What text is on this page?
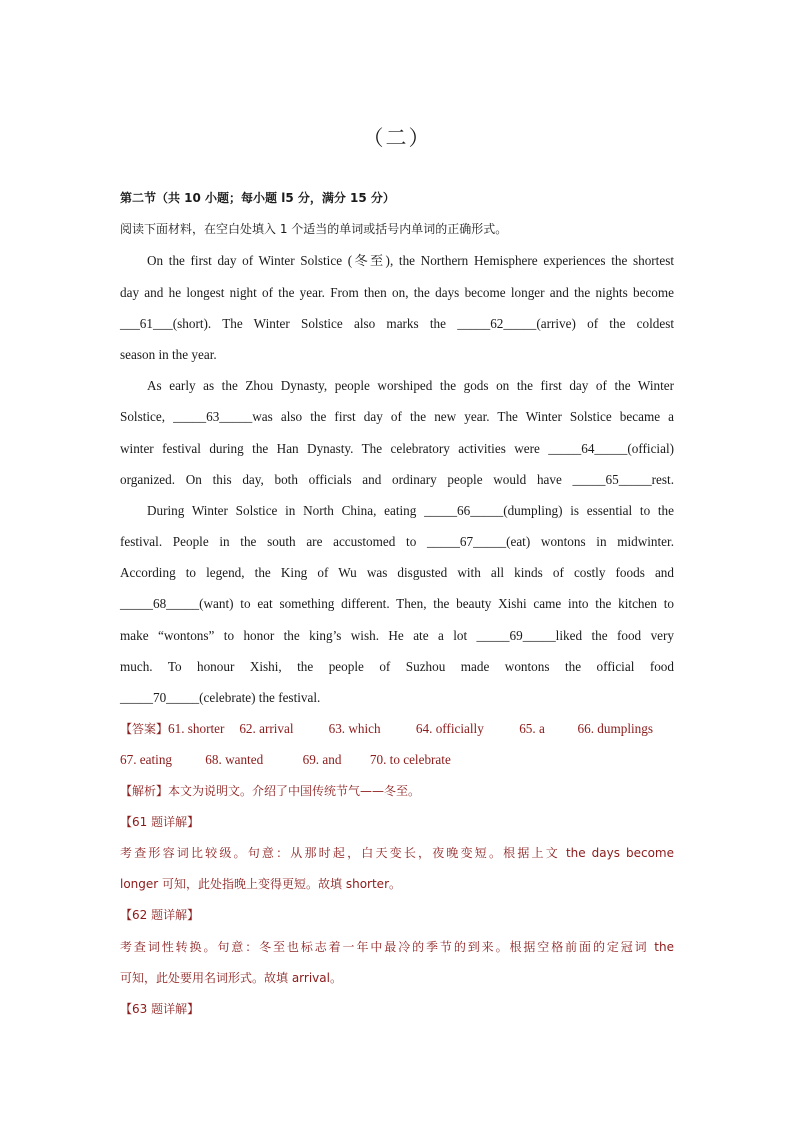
（二）
第二节（共 10 小题；每小题 l5 分，满分 15 分）
阅读下面材料，在空白处填入 1 个适当的单词或括号内单词的正确形式。
On the first day of Winter Solstice (冬至), the Northern Hemisphere experiences the shortest
day and he longest night of the year. From then on, the days become longer and the nights become
___61___(short). The Winter Solstice also marks the _____62_____(arrive) of the coldest
season in the year.
As early as the Zhou Dynasty, people worshiped the gods on the first day of the Winter
Solstice, _____63_____was also the first day of the new year. The Winter Solstice became a
winter festival during the Han Dynasty. The celebratory activities were _____64_____(official)
organized. On this day, both officials and ordinary people would have _____65_____rest.
During Winter Solstice in North China, eating _____66_____(dumpling) is essential to the
festival. People in the south are accustomed to _____67_____(eat) wontons in midwinter.
According to legend, the King of Wu was disgusted with all kinds of costly foods and
_____68_____(want) to eat something different. Then, the beauty Xishi came into the kitchen to
make “wontons” to honor the king’s wish. He ate a lot _____69_____liked the food very
much. To honour Xishi, the people of Suzhou made wontons the official food
_____70_____(celebrate) the festival.
【答案】61. shorter 62. arrival	63. which	64. officially	65. a 66. dumplings
67. eating	68. wanted	69. and 70. to celebrate
【解析】本文为说明文。介绍了中国传统节气——冬至。
【61 题详解】
考查形容词比较级。句意：从那时起，白天变长，夜晚变短。根据上文 the days become
longer 可知，此处指晚上变得更短。故填 shorter。
【62 题详解】
考查词性转换。句意：冬至也标志着一年中最冷的季节的到来。根据空格前面的定冠词 the
可知，此处要用名词形式。故填 arrival。
【63 题详解】
